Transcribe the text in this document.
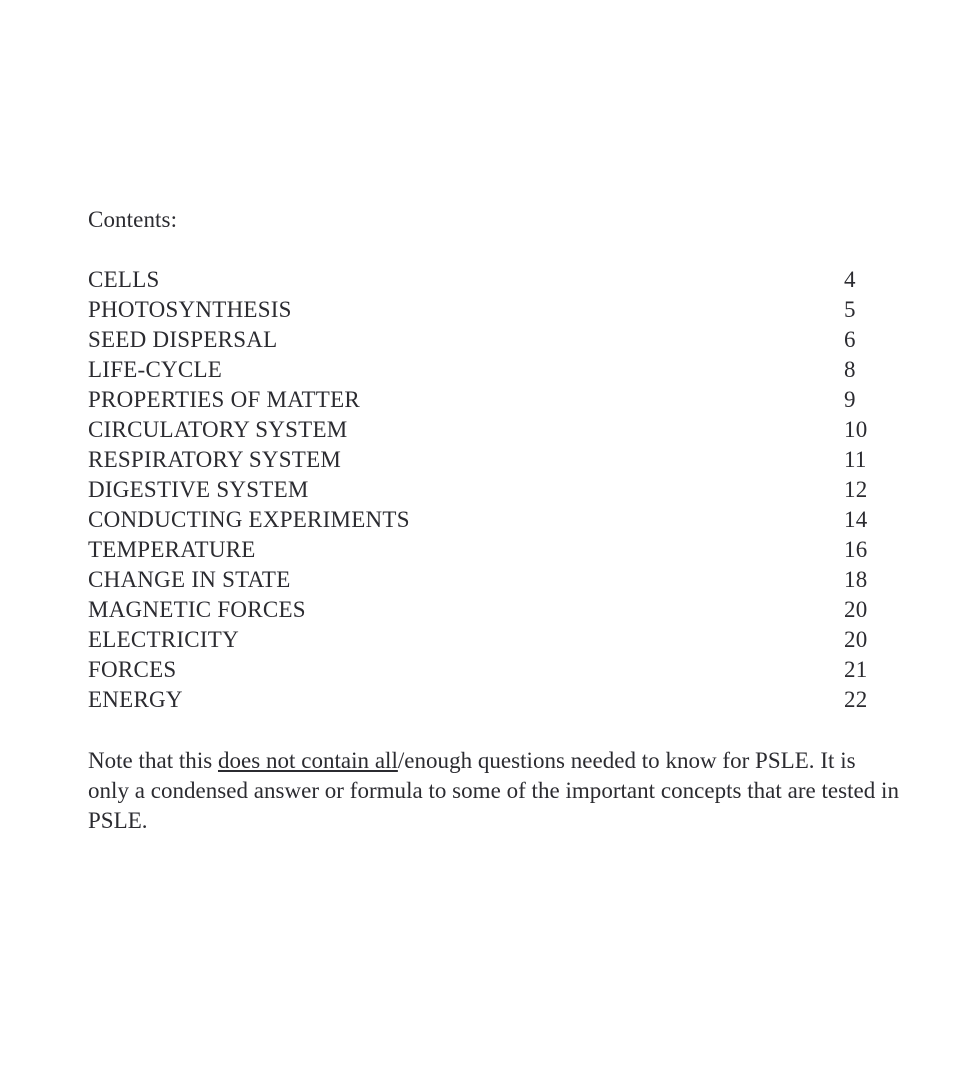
Contents:
CELLS	4
PHOTOSYNTHESIS	5
SEED DISPERSAL	6
LIFE-CYCLE	8
PROPERTIES OF MATTER	9
CIRCULATORY SYSTEM	10
RESPIRATORY SYSTEM	11
DIGESTIVE SYSTEM	12
CONDUCTING EXPERIMENTS	14
TEMPERATURE	16
CHANGE IN STATE	18
MAGNETIC FORCES	20
ELECTRICITY	20
FORCES	21
ENERGY	22
Note that this does not contain all/enough questions needed to know for PSLE. It is only a condensed answer or formula to some of the important concepts that are tested in PSLE.
